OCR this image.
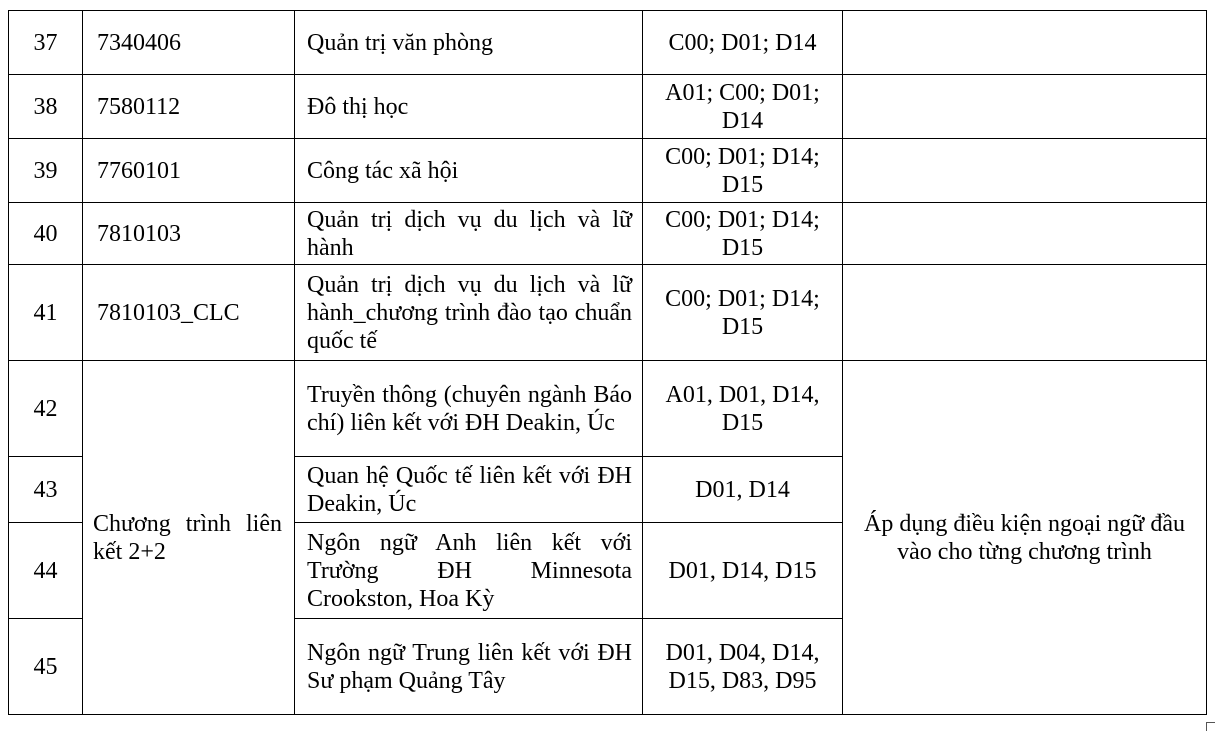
37	7340406	Quản trị văn phòng	C00; D01; D14	
38	7580112	Đô thị học	A01; C00; D01; D14	
39	7760101	Công tác xã hội	C00; D01; D14; D15	
40	7810103	Quản trị dịch vụ du lịch và lữ hành	C00; D01; D14; D15	
41	7810103_CLC	Quản trị dịch vụ du lịch và lữ hành_chương trình đào tạo chuẩn quốc tế	C00; D01; D14; D15	
42	Chương trình liên kết 2+2	Truyền thông (chuyên ngành Báo chí) liên kết với ĐH Deakin, Úc	A01, D01, D14, D15	Áp dụng điều kiện ngoại ngữ đầu vào cho từng chương trình
43		Quan hệ Quốc tế liên kết với ĐH Deakin, Úc	D01, D14	
44		Ngôn ngữ Anh liên kết với Trường ĐH Minnesota Crookston, Hoa Kỳ	D01, D14, D15	
45		Ngôn ngữ Trung liên kết với ĐH Sư phạm Quảng Tây	D01, D04, D14, D15, D83, D95	
